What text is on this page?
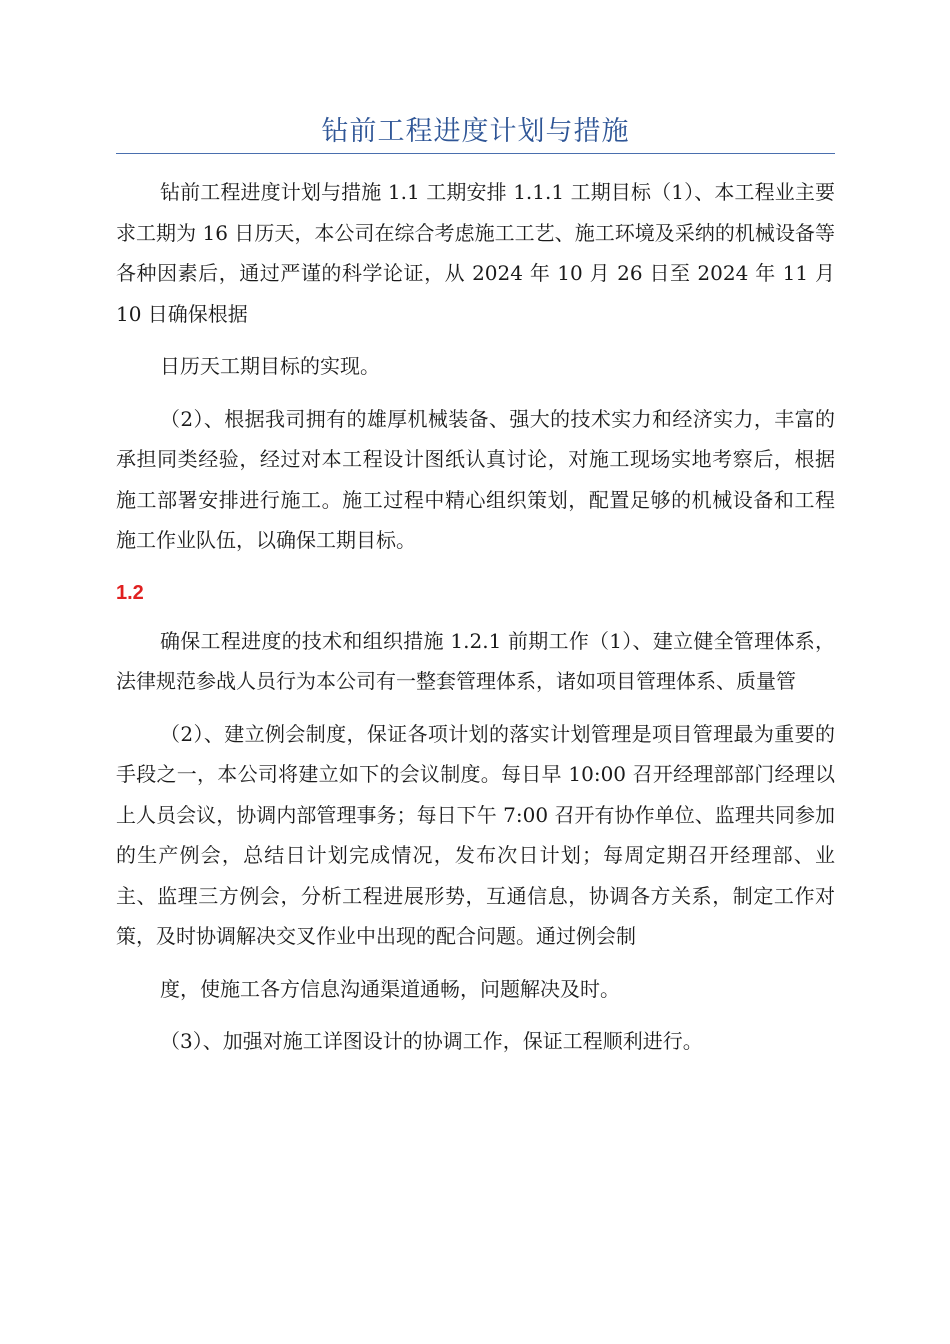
钻前工程进度计划与措施

钻前工程进度计划与措施 1.1 工期安排 1.1.1 工期目标（1）、本工程业主要求工期为 16 日历天，本公司在综合考虑施工工艺、施工环境及采纳的机械设备等各种因素后，通过严谨的科学论证，从 2024 年 10 月 26 日至 2024 年 11 月 10 日确保根据

日历天工期目标的实现。

（2）、根据我司拥有的雄厚机械装备、强大的技术实力和经济实力，丰富的承担同类经验，经过对本工程设计图纸认真讨论，对施工现场实地考察后，根据施工部署安排进行施工。施工过程中精心组织策划，配置足够的机械设备和工程施工作业队伍，以确保工期目标。

1.2

确保工程进度的技术和组织措施 1.2.1 前期工作（1）、建立健全管理体系，法律规范参战人员行为本公司有一整套管理体系，诸如项目管理体系、质量管

（2）、建立例会制度，保证各项计划的落实计划管理是项目管理最为重要的手段之一，本公司将建立如下的会议制度。每日早 10:00 召开经理部部门经理以上人员会议，协调内部管理事务；每日下午 7:00 召开有协作单位、监理共同参加的生产例会，总结日计划完成情况，发布次日计划；每周定期召开经理部、业主、监理三方例会，分析工程进展形势，互通信息，协调各方关系，制定工作对策，及时协调解决交叉作业中出现的配合问题。通过例会制

度，使施工各方信息沟通渠道通畅，问题解决及时。

（3）、加强对施工详图设计的协调工作，保证工程顺利进行。
